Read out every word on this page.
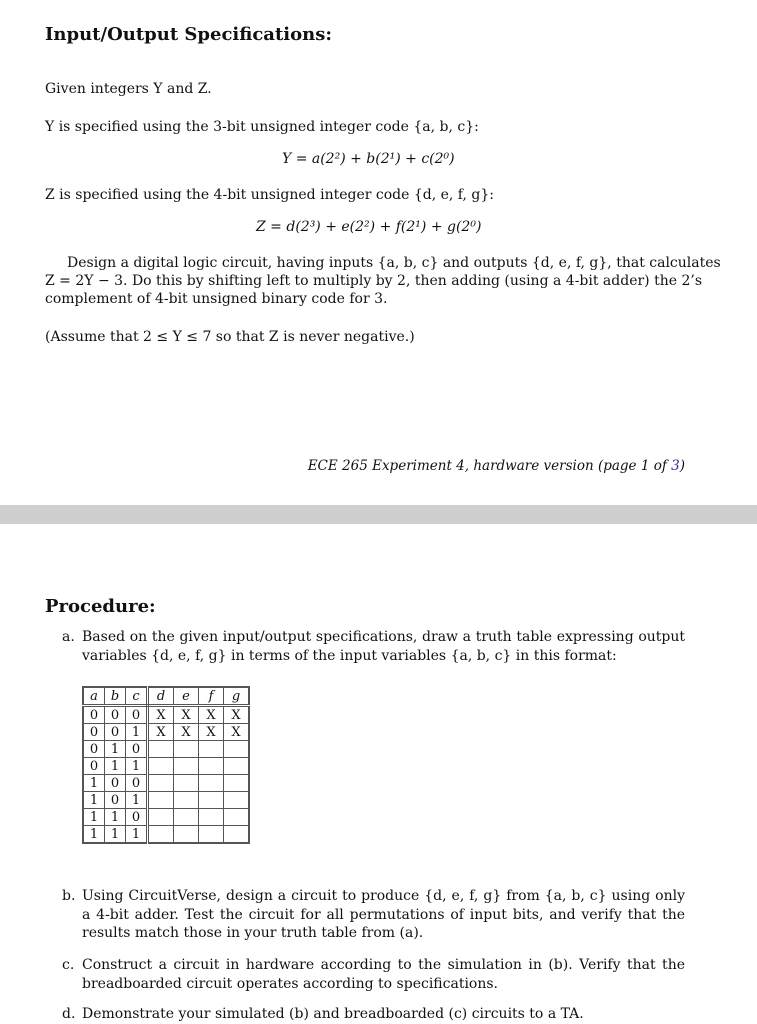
Input/Output Specifications:
Given integers Y and Z.
Y is specified using the 3-bit unsigned integer code {a, b, c}:
Y = a(2²) + b(2¹) + c(2⁰)
Z is specified using the 4-bit unsigned integer code {d, e, f, g}:
Z = d(2³) + e(2²) + f(2¹) + g(2⁰)
Design a digital logic circuit, having inputs {a, b, c} and outputs {d, e, f, g}, that calculates
Z = 2Y − 3. Do this by shifting left to multiply by 2, then adding (using a 4-bit adder) the 2’s
complement of 4-bit unsigned binary code for 3.
(Assume that 2 ≤ Y ≤ 7 so that Z is never negative.)
ECE 265 Experiment 4, hardware version (page 1 of 3)
Procedure:
a. Based on the given input/output specifications, draw a truth table expressing output variables {d, e, f, g} in terms of the input variables {a, b, c} in this format:
a	b	c	d	e	f	g
0	0	0	X	X	X	X
0	0	1	X	X	X	X
0	1	0				
0	1	1				
1	0	0				
1	0	1				
1	1	0				
1	1	1				
b. Using CircuitVerse, design a circuit to produce {d, e, f, g} from {a, b, c} using only a 4-bit adder. Test the circuit for all permutations of input bits, and verify that the results match those in your truth table from (a).
c. Construct a circuit in hardware according to the simulation in (b). Verify that the breadboarded circuit operates according to specifications.
d. Demonstrate your simulated (b) and breadboarded (c) circuits to a TA.
